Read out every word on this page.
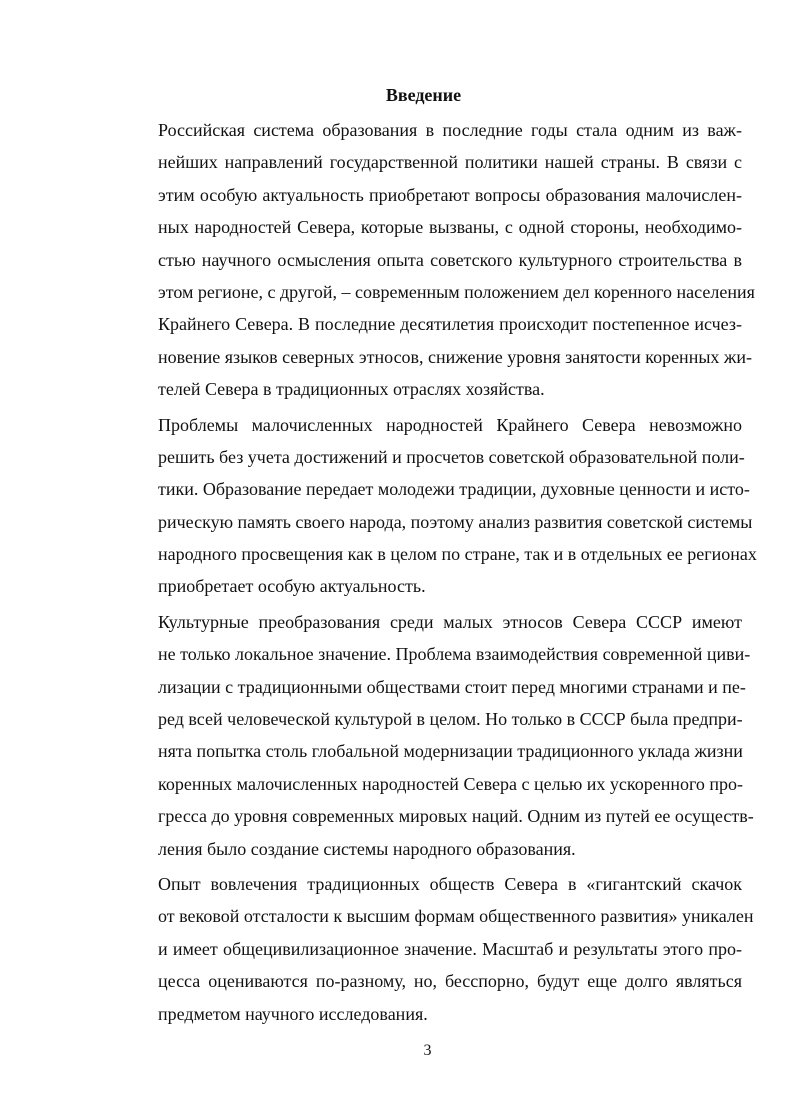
Введение
Российская система образования в последние годы стала одним из важ-
нейших направлений государственной политики нашей страны. В связи с
этим особую актуальность приобретают вопросы образования малочислен-
ных народностей Севера, которые вызваны, с одной стороны, необходимо-
стью научного осмысления опыта советского культурного строительства в
этом регионе, с другой, – современным положением дел коренного населения
Крайнего Севера. В последние десятилетия происходит постепенное исчез-
новение языков северных этносов, снижение уровня занятости коренных жи-
телей Севера в традиционных отраслях хозяйства.
Проблемы малочисленных народностей Крайнего Севера невозможно
решить без учета достижений и просчетов советской образовательной поли-
тики. Образование передает молодежи традиции, духовные ценности и исто-
рическую память своего народа, поэтому анализ развития советской системы
народного просвещения как в целом по стране, так и в отдельных ее регионах
приобретает особую актуальность.
Культурные преобразования среди малых этносов Севера СССР имеют
не только локальное значение. Проблема взаимодействия современной циви-
лизации с традиционными обществами стоит перед многими странами и пе-
ред всей человеческой культурой в целом. Но только в СССР была предпри-
нята попытка столь глобальной модернизации традиционного уклада жизни
коренных малочисленных народностей Севера с целью их ускоренного про-
гресса до уровня современных мировых наций. Одним из путей ее осуществ-
ления было создание системы народного образования.
Опыт вовлечения традиционных обществ Севера в «гигантский скачок
от вековой отсталости к высшим формам общественного развития» уникален
и имеет общецивилизационное значение. Масштаб и результаты этого про-
цесса оцениваются по-разному, но, бесспорно, будут еще долго являться
предметом научного исследования.
3
